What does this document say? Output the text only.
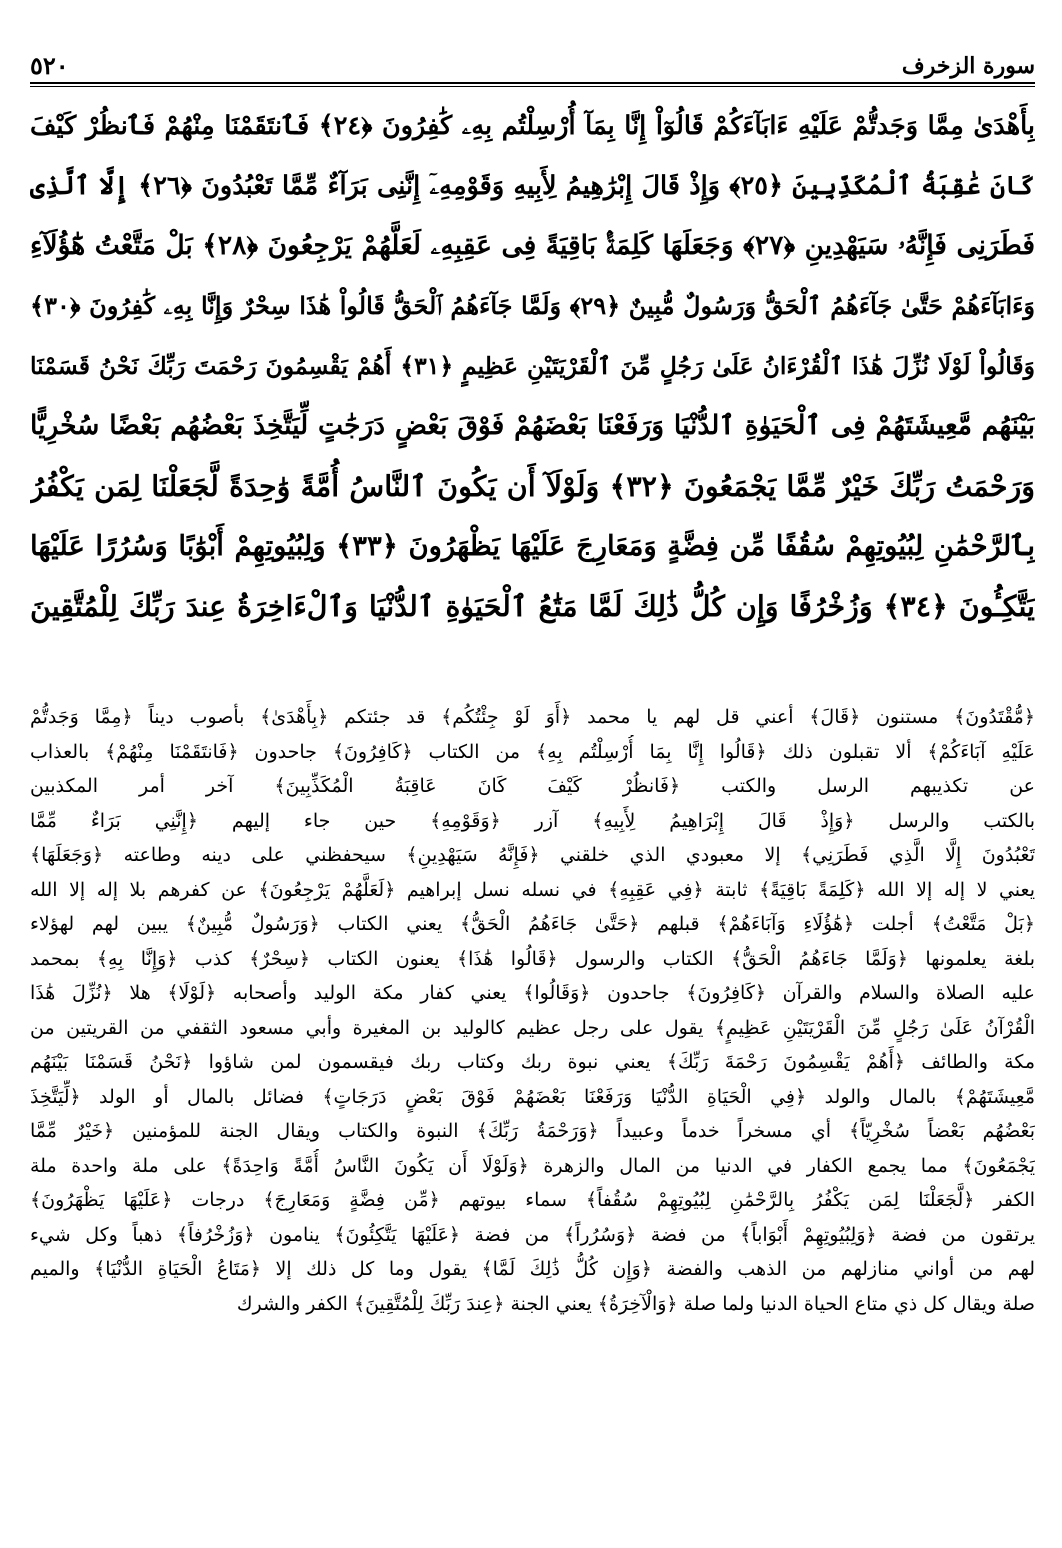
٥٢٠	سورة الزخرف
بِأَهْدَىٰ مِمَّا وَجَدتُّمْ عَلَيْهِ ءَابَآءَكُمْ قَالُوٓاْ إِنَّا بِمَآ أُرْسِلْتُم بِهِۦ كَٰفِرُونَ ﴿٢٤﴾ فَٱنتَقَمْنَا مِنْهُمْ فَٱنظُرْ كَيْفَ
كَانَ عَٰقِبَةُ ٱلْمُكَذِّبِينَ ﴿٢٥﴾ وَإِذْ قَالَ إِبْرَٰهِيمُ لِأَبِيهِ وَقَوْمِهِۦٓ إِنَّنِى بَرَآءٌ مِّمَّا تَعْبُدُونَ ﴿٢٦﴾ إِلَّا ٱلَّذِى
فَطَرَنِى فَإِنَّهُۥ سَيَهْدِينِ ﴿٢٧﴾ وَجَعَلَهَا كَلِمَةًۢ بَاقِيَةً فِى عَقِبِهِۦ لَعَلَّهُمْ يَرْجِعُونَ ﴿٢٨﴾ بَلْ مَتَّعْتُ هَٰٓؤُلَآءِ
وَءَابَآءَهُمْ حَتَّىٰ جَآءَهُمُ ٱلْحَقُّ وَرَسُولٌ مُّبِينٌ ﴿٢٩﴾ وَلَمَّا جَآءَهُمُ ٱلْحَقُّ قَالُواْ هَٰذَا سِحْرٌ وَإِنَّا بِهِۦ كَٰفِرُونَ ﴿٣٠﴾
وَقَالُواْ لَوْلَا نُزِّلَ هَٰذَا ٱلْقُرْءَانُ عَلَىٰ رَجُلٍ مِّنَ ٱلْقَرْيَتَيْنِ عَظِيمٍ ﴿٣١﴾ أَهُمْ يَقْسِمُونَ رَحْمَتَ رَبِّكَ نَحْنُ قَسَمْنَا
بَيْنَهُم مَّعِيشَتَهُمْ فِى ٱلْحَيَوٰةِ ٱلدُّنْيَا وَرَفَعْنَا بَعْضَهُمْ فَوْقَ بَعْضٍ دَرَجَٰتٍ لِّيَتَّخِذَ بَعْضُهُم بَعْضًا سُخْرِيًّا
وَرَحْمَتُ رَبِّكَ خَيْرٌ مِّمَّا يَجْمَعُونَ ﴿٣٢﴾ وَلَوْلَآ أَن يَكُونَ ٱلنَّاسُ أُمَّةً وَٰحِدَةً لَّجَعَلْنَا لِمَن يَكْفُرُ
بِٱلرَّحْمَٰنِ لِبُيُوتِهِمْ سُقُفًا مِّن فِضَّةٍ وَمَعَارِجَ عَلَيْهَا يَظْهَرُونَ ﴿٣٣﴾ وَلِبُيُوتِهِمْ أَبْوَٰبًا وَسُرُرًا عَلَيْهَا
يَتَّكِـُٔونَ ﴿٣٤﴾ وَزُخْرُفًا وَإِن كُلُّ ذَٰلِكَ لَمَّا مَتَٰعُ ٱلْحَيَوٰةِ ٱلدُّنْيَا وَٱلْءَاخِرَةُ عِندَ رَبِّكَ لِلْمُتَّقِينَ
﴿مُّقْتَدُونَ﴾ مستنون ﴿قَالَ﴾ أعني قل لهم يا محمد ﴿أَوَ لَوْ جِئْتُكُم﴾ قد جئتكم ﴿بِأَهْدَىٰ﴾ بأصوب ديناً ﴿مِمَّا وَجَدتُّمْ
عَلَيْهِ آبَاءَكُمْ﴾ ألا تقبلون ذلك ﴿قَالُوا إِنَّا بِمَا أُرْسِلْتُم بِهِ﴾ من الكتاب ﴿كَافِرُونَ﴾ جاحدون ﴿فَانتَقَمْنَا مِنْهُمْ﴾ بالعذاب
عن تكذيبهم الرسل والكتب ﴿فَانظُرْ كَيْفَ كَانَ عَاقِبَةُ الْمُكَذِّبِينَ﴾ آخر أمر المكذبين
بالكتب والرسل ﴿وَإِذْ قَالَ إِبْرَاهِيمُ لِأَبِيهِ﴾ آزر ﴿وَقَوْمِهِ﴾ حين جاء إليهم ﴿إِنَّنِي بَرَاءٌ مِّمَّا
تَعْبُدُونَ إِلَّا الَّذِي فَطَرَنِي﴾ إلا معبودي الذي خلقني ﴿فَإِنَّهُ سَيَهْدِينِ﴾ سيحفظني على دينه وطاعته ﴿وَجَعَلَهَا﴾
يعني لا إله إلا الله ﴿كَلِمَةً بَاقِيَةً﴾ ثابتة ﴿فِي عَقِبِهِ﴾ في نسله نسل إبراهيم ﴿لَعَلَّهُمْ يَرْجِعُونَ﴾ عن كفرهم بلا إله إلا الله
﴿بَلْ مَتَّعْتُ﴾ أجلت ﴿هَٰؤُلَاءِ وَآبَاءَهُمْ﴾ قبلهم ﴿حَتَّىٰ جَاءَهُمُ الْحَقُّ﴾ يعني الكتاب ﴿وَرَسُولٌ مُّبِينٌ﴾ يبين لهم لهؤلاء
بلغة يعلمونها ﴿وَلَمَّا جَاءَهُمُ الْحَقُّ﴾ الكتاب والرسول ﴿قَالُوا هَٰذَا﴾ يعنون الكتاب ﴿سِحْرٌ﴾ كذب ﴿وَإِنَّا بِهِ﴾ بمحمد
عليه الصلاة والسلام والقرآن ﴿كَافِرُونَ﴾ جاحدون ﴿وَقَالُوا﴾ يعني كفار مكة الوليد وأصحابه ﴿لَوْلَا﴾ هلا ﴿نُزِّلَ هَٰذَا
الْقُرْآنُ عَلَىٰ رَجُلٍ مِّنَ الْقَرْيَتَيْنِ عَظِيمٍ﴾ يقول على رجل عظيم كالوليد بن المغيرة وأبي مسعود الثقفي من القريتين من
مكة والطائف ﴿أَهُمْ يَقْسِمُونَ رَحْمَةَ رَبِّكَ﴾ يعني نبوة ربك وكتاب ربك فيقسمون لمن شاؤوا ﴿نَحْنُ قَسَمْنَا بَيْنَهُم
مَّعِيشَتَهُمْ﴾ بالمال والولد ﴿فِي الْحَيَاةِ الدُّنْيَا وَرَفَعْنَا بَعْضَهُمْ فَوْقَ بَعْضٍ دَرَجَاتٍ﴾ فضائل بالمال أو الولد ﴿لِّيَتَّخِذَ
بَعْضُهُم بَعْضاً سُخْرِيّاً﴾ أي مسخراً خدماً وعبيداً ﴿وَرَحْمَةُ رَبِّكَ﴾ النبوة والكتاب ويقال الجنة للمؤمنين ﴿خَيْرٌ مِّمَّا
يَجْمَعُونَ﴾ مما يجمع الكفار في الدنيا من المال والزهرة ﴿وَلَوْلَا أَن يَكُونَ النَّاسُ أُمَّةً وَاحِدَةً﴾ على ملة واحدة ملة
الكفر ﴿لَّجَعَلْنَا لِمَن يَكْفُرُ بِالرَّحْمَٰنِ لِبُيُوتِهِمْ سُقُفاً﴾ سماء بيوتهم ﴿مِّن فِضَّةٍ وَمَعَارِجَ﴾ درجات ﴿عَلَيْهَا يَظْهَرُونَ﴾
يرتقون من فضة ﴿وَلِبُيُوتِهِمْ أَبْوَاباً﴾ من فضة ﴿وَسُرُراً﴾ من فضة ﴿عَلَيْهَا يَتَّكِئُونَ﴾ ينامون ﴿وَزُخْرُفاً﴾ ذهباً وكل شيء
لهم من أواني منازلهم من الذهب والفضة ﴿وَإِن كُلُّ ذَٰلِكَ لَمَّا﴾ يقول وما كل ذلك إلا ﴿مَتَاعُ الْحَيَاةِ الدُّنْيَا﴾ والميم
صلة ويقال كل ذي متاع الحياة الدنيا ولما صلة ﴿وَالْآخِرَةُ﴾ يعني الجنة ﴿عِندَ رَبِّكَ لِلْمُتَّقِينَ﴾ الكفر والشرك
